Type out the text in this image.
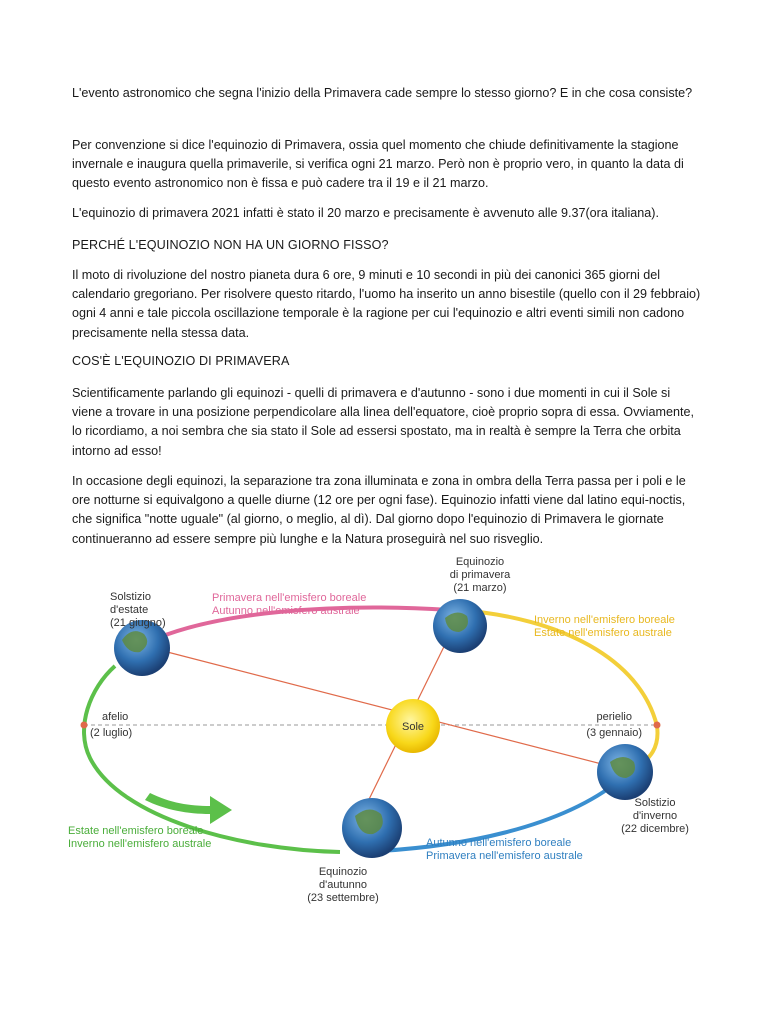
L'evento astronomico che segna l'inizio della Primavera cade sempre lo stesso giorno? E in che cosa consiste?

Per convenzione si dice l'equinozio di Primavera, ossia quel momento che chiude definitivamente la stagione invernale e inaugura quella primaverile, si verifica ogni 21 marzo. Però non è proprio vero, in quanto la data di questo evento astronomico non è fissa e può cadere tra il 19 e il 21 marzo.

L'equinozio di primavera 2021 infatti è stato il 20 marzo e precisamente è avvenuto alle 9.37(ora italiana).

PERCHÉ L'EQUINOZIO NON HA UN GIORNO FISSO?

Il moto di rivoluzione del nostro pianeta dura 6 ore, 9 minuti e 10 secondi in più dei canonici 365 giorni del calendario gregoriano. Per risolvere questo ritardo, l'uomo ha inserito un anno bisestile (quello con il 29 febbraio) ogni 4 anni e tale piccola oscillazione temporale è la ragione per cui l'equinozio e altri eventi simili non cadono precisamente nella stessa data.

COS'È L'EQUINOZIO DI PRIMAVERA

Scientificamente parlando gli equinozi - quelli di primavera e d'autunno - sono i due momenti in cui il Sole si viene a trovare in una posizione perpendicolare alla linea dell'equatore, cioè proprio sopra di essa. Ovviamente, lo ricordiamo, a noi sembra che sia stato il Sole ad essersi spostato, ma in realtà è sempre la Terra che orbita intorno ad esso!

In occasione degli equinozi, la separazione tra zona illuminata e zona in ombra della Terra passa per i poli e le ore notturne si equivalgono a quelle diurne (12 ore per ogni fase). Equinozio infatti viene dal latino equi-noctis, che significa "notte uguale" (al giorno, o meglio, al dì). Dal giorno dopo l'equinozio di Primavera le giornate continueranno ad essere sempre più lunghe e la Natura proseguirà nel suo risveglio.

Sole
Solstizio
d'estate
(21 giugno)
Equinozio
di primavera
(21 marzo)
Equinozio
d'autunno
(23 settembre)
Solstizio
d'inverno
(22 dicembre)
afelio
(2 luglio)
perielio
(3 gennaio)
Primavera nell'emisfero boreale
Autunno nell'emisfero australe
Inverno nell'emisfero boreale
Estate nell'emisfero australe
Estate nell'emisfero boreale
Inverno nell'emisfero australe	Autunno nell'emisfero boreale
Primavera nell'emisfero australe
